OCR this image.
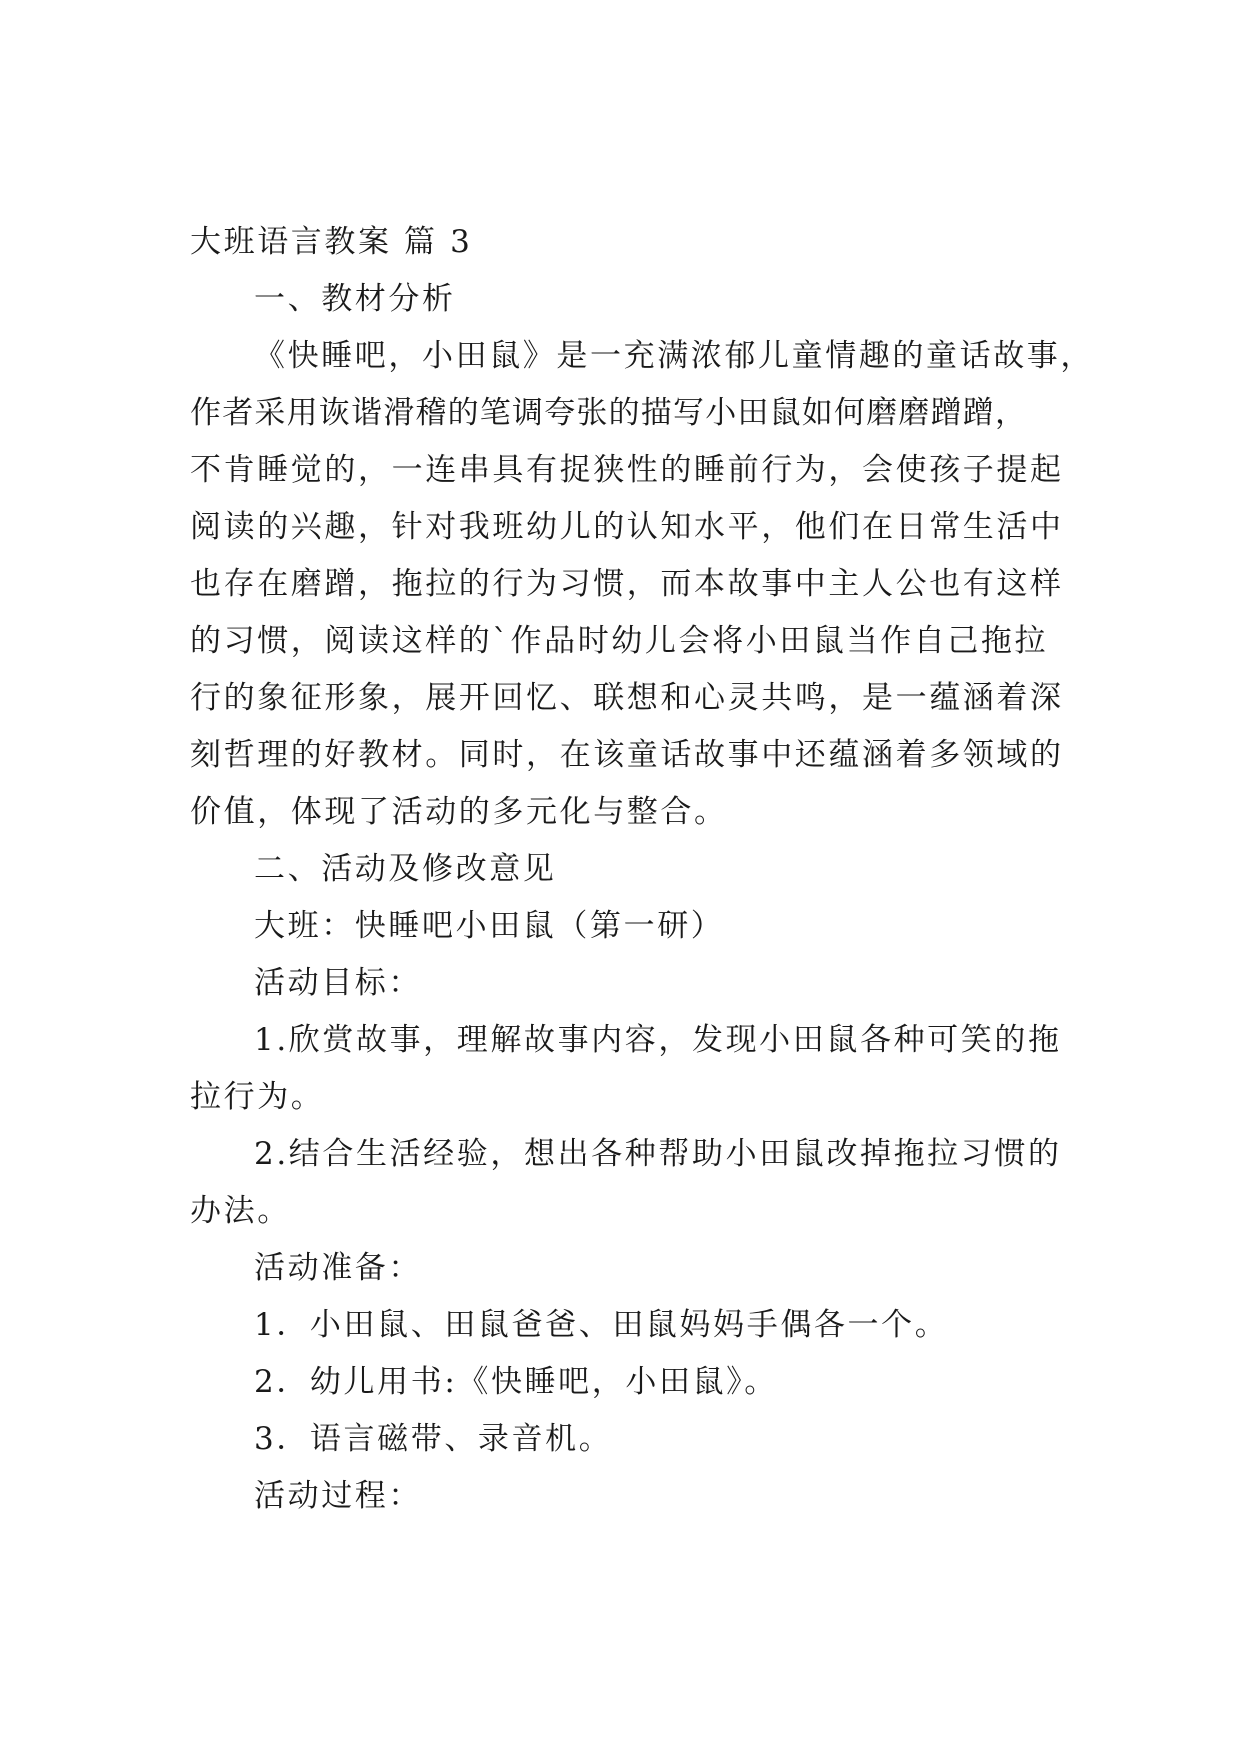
大班语言教案 篇 3
一、教材分析
《快睡吧，小田鼠》是一充满浓郁儿童情趣的童话故事，
作者采用诙谐滑稽的笔调夸张的描写小田鼠如何磨磨蹭蹭，
不肯睡觉的，一连串具有捉狭性的睡前行为，会使孩子提起
阅读的兴趣，针对我班幼儿的认知水平，他们在日常生活中
也存在磨蹭，拖拉的行为习惯，而本故事中主人公也有这样
的习惯，阅读这样的`作品时幼儿会将小田鼠当作自己拖拉
行的象征形象，展开回忆、联想和心灵共鸣，是一蕴涵着深
刻哲理的好教材。同时，在该童话故事中还蕴涵着多领域的
价值，体现了活动的多元化与整合。
二、活动及修改意见
大班：快睡吧小田鼠（第一研）
活动目标：
1.欣赏故事，理解故事内容，发现小田鼠各种可笑的拖
拉行为。
2.结合生活经验，想出各种帮助小田鼠改掉拖拉习惯的
办法。
活动准备：
1．小田鼠、田鼠爸爸、田鼠妈妈手偶各一个。
2．幼儿用书:《快睡吧，小田鼠》。
3．语言磁带、录音机。
活动过程：
